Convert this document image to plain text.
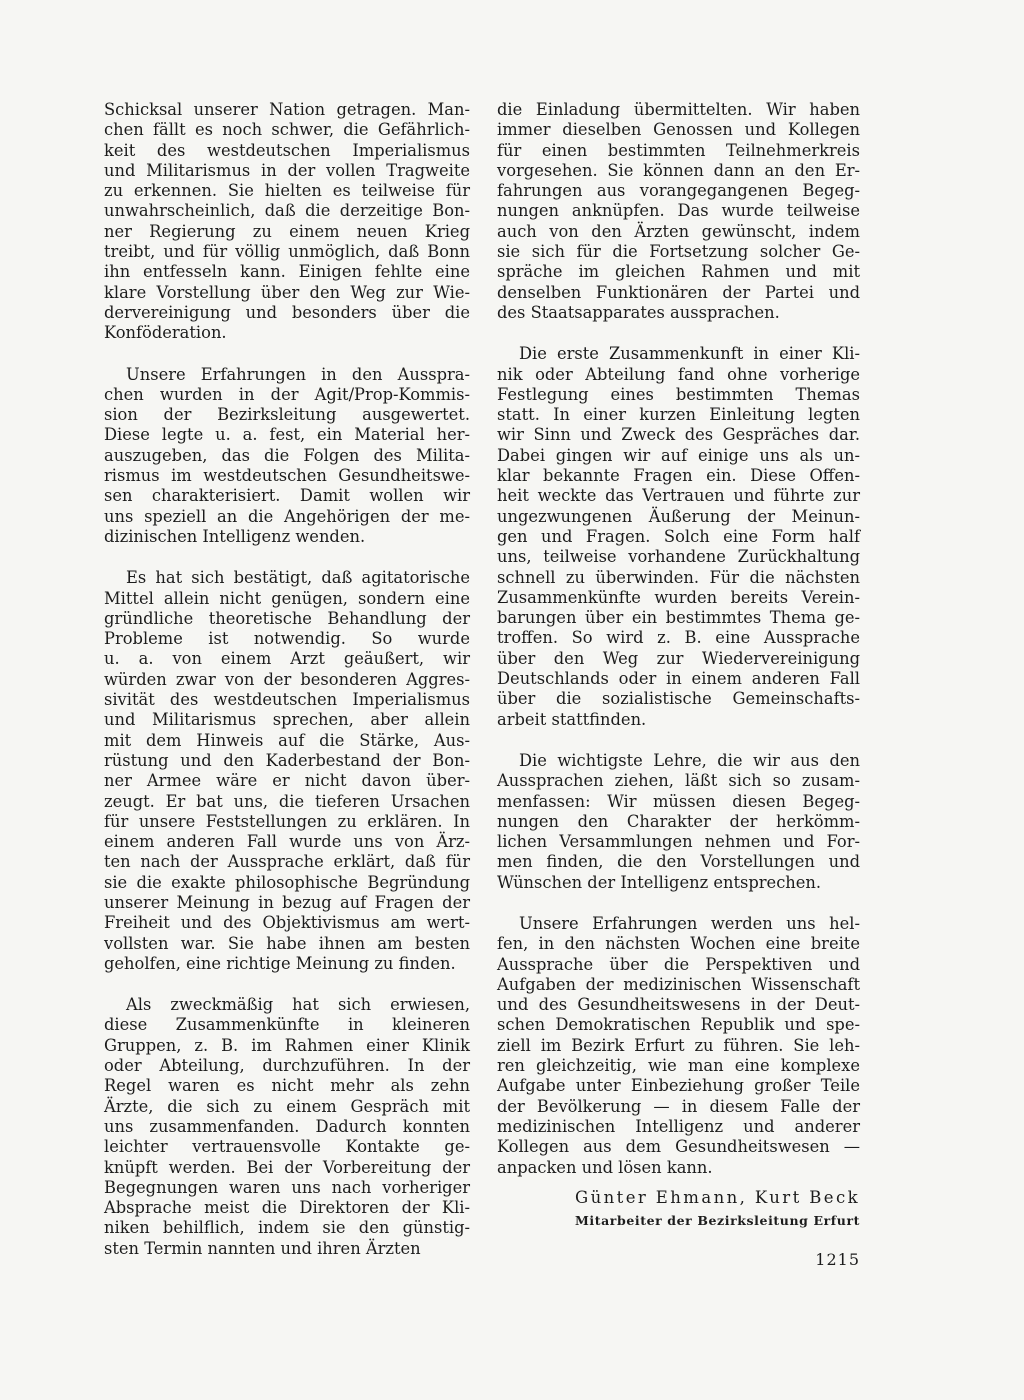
Schicksal unserer Nation getragen. Man-
chen fällt es noch schwer, die Gefährlich-
keit des westdeutschen Imperialismus
und Militarismus in der vollen Tragweite
zu erkennen. Sie hielten es teilweise für
unwahrscheinlich, daß die derzeitige Bon-
ner Regierung zu einem neuen Krieg
treibt, und für völlig unmöglich, daß Bonn
ihn entfesseln kann. Einigen fehlte eine
klare Vorstellung über den Weg zur Wie-
dervereinigung und besonders über die
Konföderation.
Unsere Erfahrungen in den Ausspra-
chen wurden in der Agit/Prop-Kommis-
sion der Bezirksleitung ausgewertet.
Diese legte u. a. fest, ein Material her-
auszugeben, das die Folgen des Milita-
rismus im westdeutschen Gesundheitswe-
sen charakterisiert. Damit wollen wir
uns speziell an die Angehörigen der me-
dizinischen Intelligenz wenden.
Es hat sich bestätigt, daß agitatorische
Mittel allein nicht genügen, sondern eine
gründliche theoretische Behandlung der
Probleme ist notwendig. So wurde
u. a. von einem Arzt geäußert, wir
würden zwar von der besonderen Aggres-
sivität des westdeutschen Imperialismus
und Militarismus sprechen, aber allein
mit dem Hinweis auf die Stärke, Aus-
rüstung und den Kaderbestand der Bon-
ner Armee wäre er nicht davon über-
zeugt. Er bat uns, die tieferen Ursachen
für unsere Feststellungen zu erklären. In
einem anderen Fall wurde uns von Ärz-
ten nach der Aussprache erklärt, daß für
sie die exakte philosophische Begründung
unserer Meinung in bezug auf Fragen der
Freiheit und des Objektivismus am wert-
vollsten war. Sie habe ihnen am besten
geholfen, eine richtige Meinung zu finden.
Als zweckmäßig hat sich erwiesen,
diese Zusammenkünfte in kleineren
Gruppen, z. B. im Rahmen einer Klinik
oder Abteilung, durchzuführen. In der
Regel waren es nicht mehr als zehn
Ärzte, die sich zu einem Gespräch mit
uns zusammenfanden. Dadurch konnten
leichter vertrauensvolle Kontakte ge-
knüpft werden. Bei der Vorbereitung der
Begegnungen waren uns nach vorheriger
Absprache meist die Direktoren der Kli-
niken behilflich, indem sie den günstig-
sten Termin nannten und ihren Ärzten
die Einladung übermittelten. Wir haben
immer dieselben Genossen und Kollegen
für einen bestimmten Teilnehmerkreis
vorgesehen. Sie können dann an den Er-
fahrungen aus vorangegangenen Begeg-
nungen anknüpfen. Das wurde teilweise
auch von den Ärzten gewünscht, indem
sie sich für die Fortsetzung solcher Ge-
spräche im gleichen Rahmen und mit
denselben Funktionären der Partei und
des Staatsapparates aussprachen.
Die erste Zusammenkunft in einer Kli-
nik oder Abteilung fand ohne vorherige
Festlegung eines bestimmten Themas
statt. In einer kurzen Einleitung legten
wir Sinn und Zweck des Gespräches dar.
Dabei gingen wir auf einige uns als un-
klar bekannte Fragen ein. Diese Offen-
heit weckte das Vertrauen und führte zur
ungezwungenen Äußerung der Meinun-
gen und Fragen. Solch eine Form half
uns, teilweise vorhandene Zurückhaltung
schnell zu überwinden. Für die nächsten
Zusammenkünfte wurden bereits Verein-
barungen über ein bestimmtes Thema ge-
troffen. So wird z. B. eine Aussprache
über den Weg zur Wiedervereinigung
Deutschlands oder in einem anderen Fall
über die sozialistische Gemeinschafts-
arbeit stattfinden.
Die wichtigste Lehre, die wir aus den
Aussprachen ziehen, läßt sich so zusam-
menfassen: Wir müssen diesen Begeg-
nungen den Charakter der herkömm-
lichen Versammlungen nehmen und For-
men finden, die den Vorstellungen und
Wünschen der Intelligenz entsprechen.
Unsere Erfahrungen werden uns hel-
fen, in den nächsten Wochen eine breite
Aussprache über die Perspektiven und
Aufgaben der medizinischen Wissenschaft
und des Gesundheitswesens in der Deut-
schen Demokratischen Republik und spe-
ziell im Bezirk Erfurt zu führen. Sie leh-
ren gleichzeitig, wie man eine komplexe
Aufgabe unter Einbeziehung großer Teile
der Bevölkerung — in diesem Falle der
medizinischen Intelligenz und anderer
Kollegen aus dem Gesundheitswesen —
anpacken und lösen kann.
Günter Ehmann, Kurt Beck
Mitarbeiter der Bezirksleitung Erfurt
1215
